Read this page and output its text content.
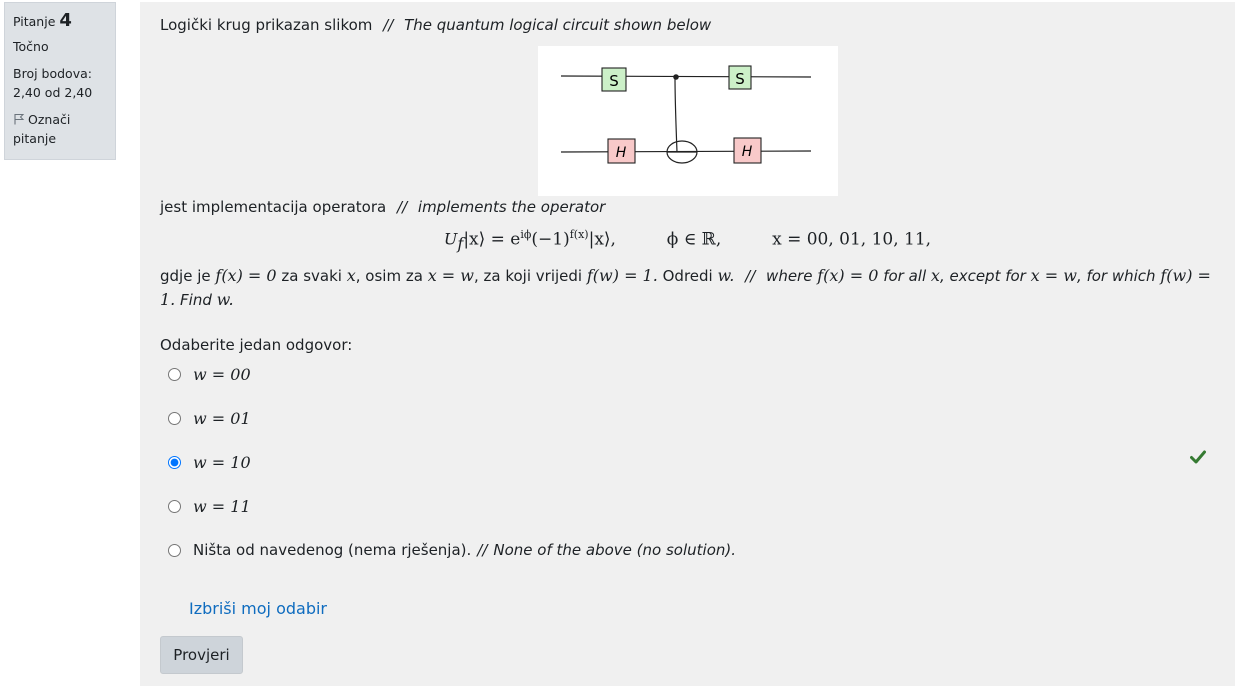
Pitanje 4
Točno
Broj bodova:
2,40 od 2,40
Označi
pitanje
Logički krug prikazan slikom // The quantum logical circuit shown below
S	S
H	H
jest implementacija operatora // implements the operator
$U_f|x⟩$ = $e^{i\phi}(-1)^{f(x)}|x⟩$,	ϕ ∈ ℝ,	x = 00, 01, 10, 11,
gdje je f(x) = 0 za svaki x, osim za x = w, za koji vrijedi f(w) = 1. Odredi w. // where f(x) = 0 for all x, except for x = w, for which f(w) = 1. Find w.
Odaberite jedan odgovor:
w = 00
w = 01
w = 10
w = 11
Ništa od navedenog (nema rješenja). // None of the above (no solution).
Izbriši moj odabir
Provjeri
